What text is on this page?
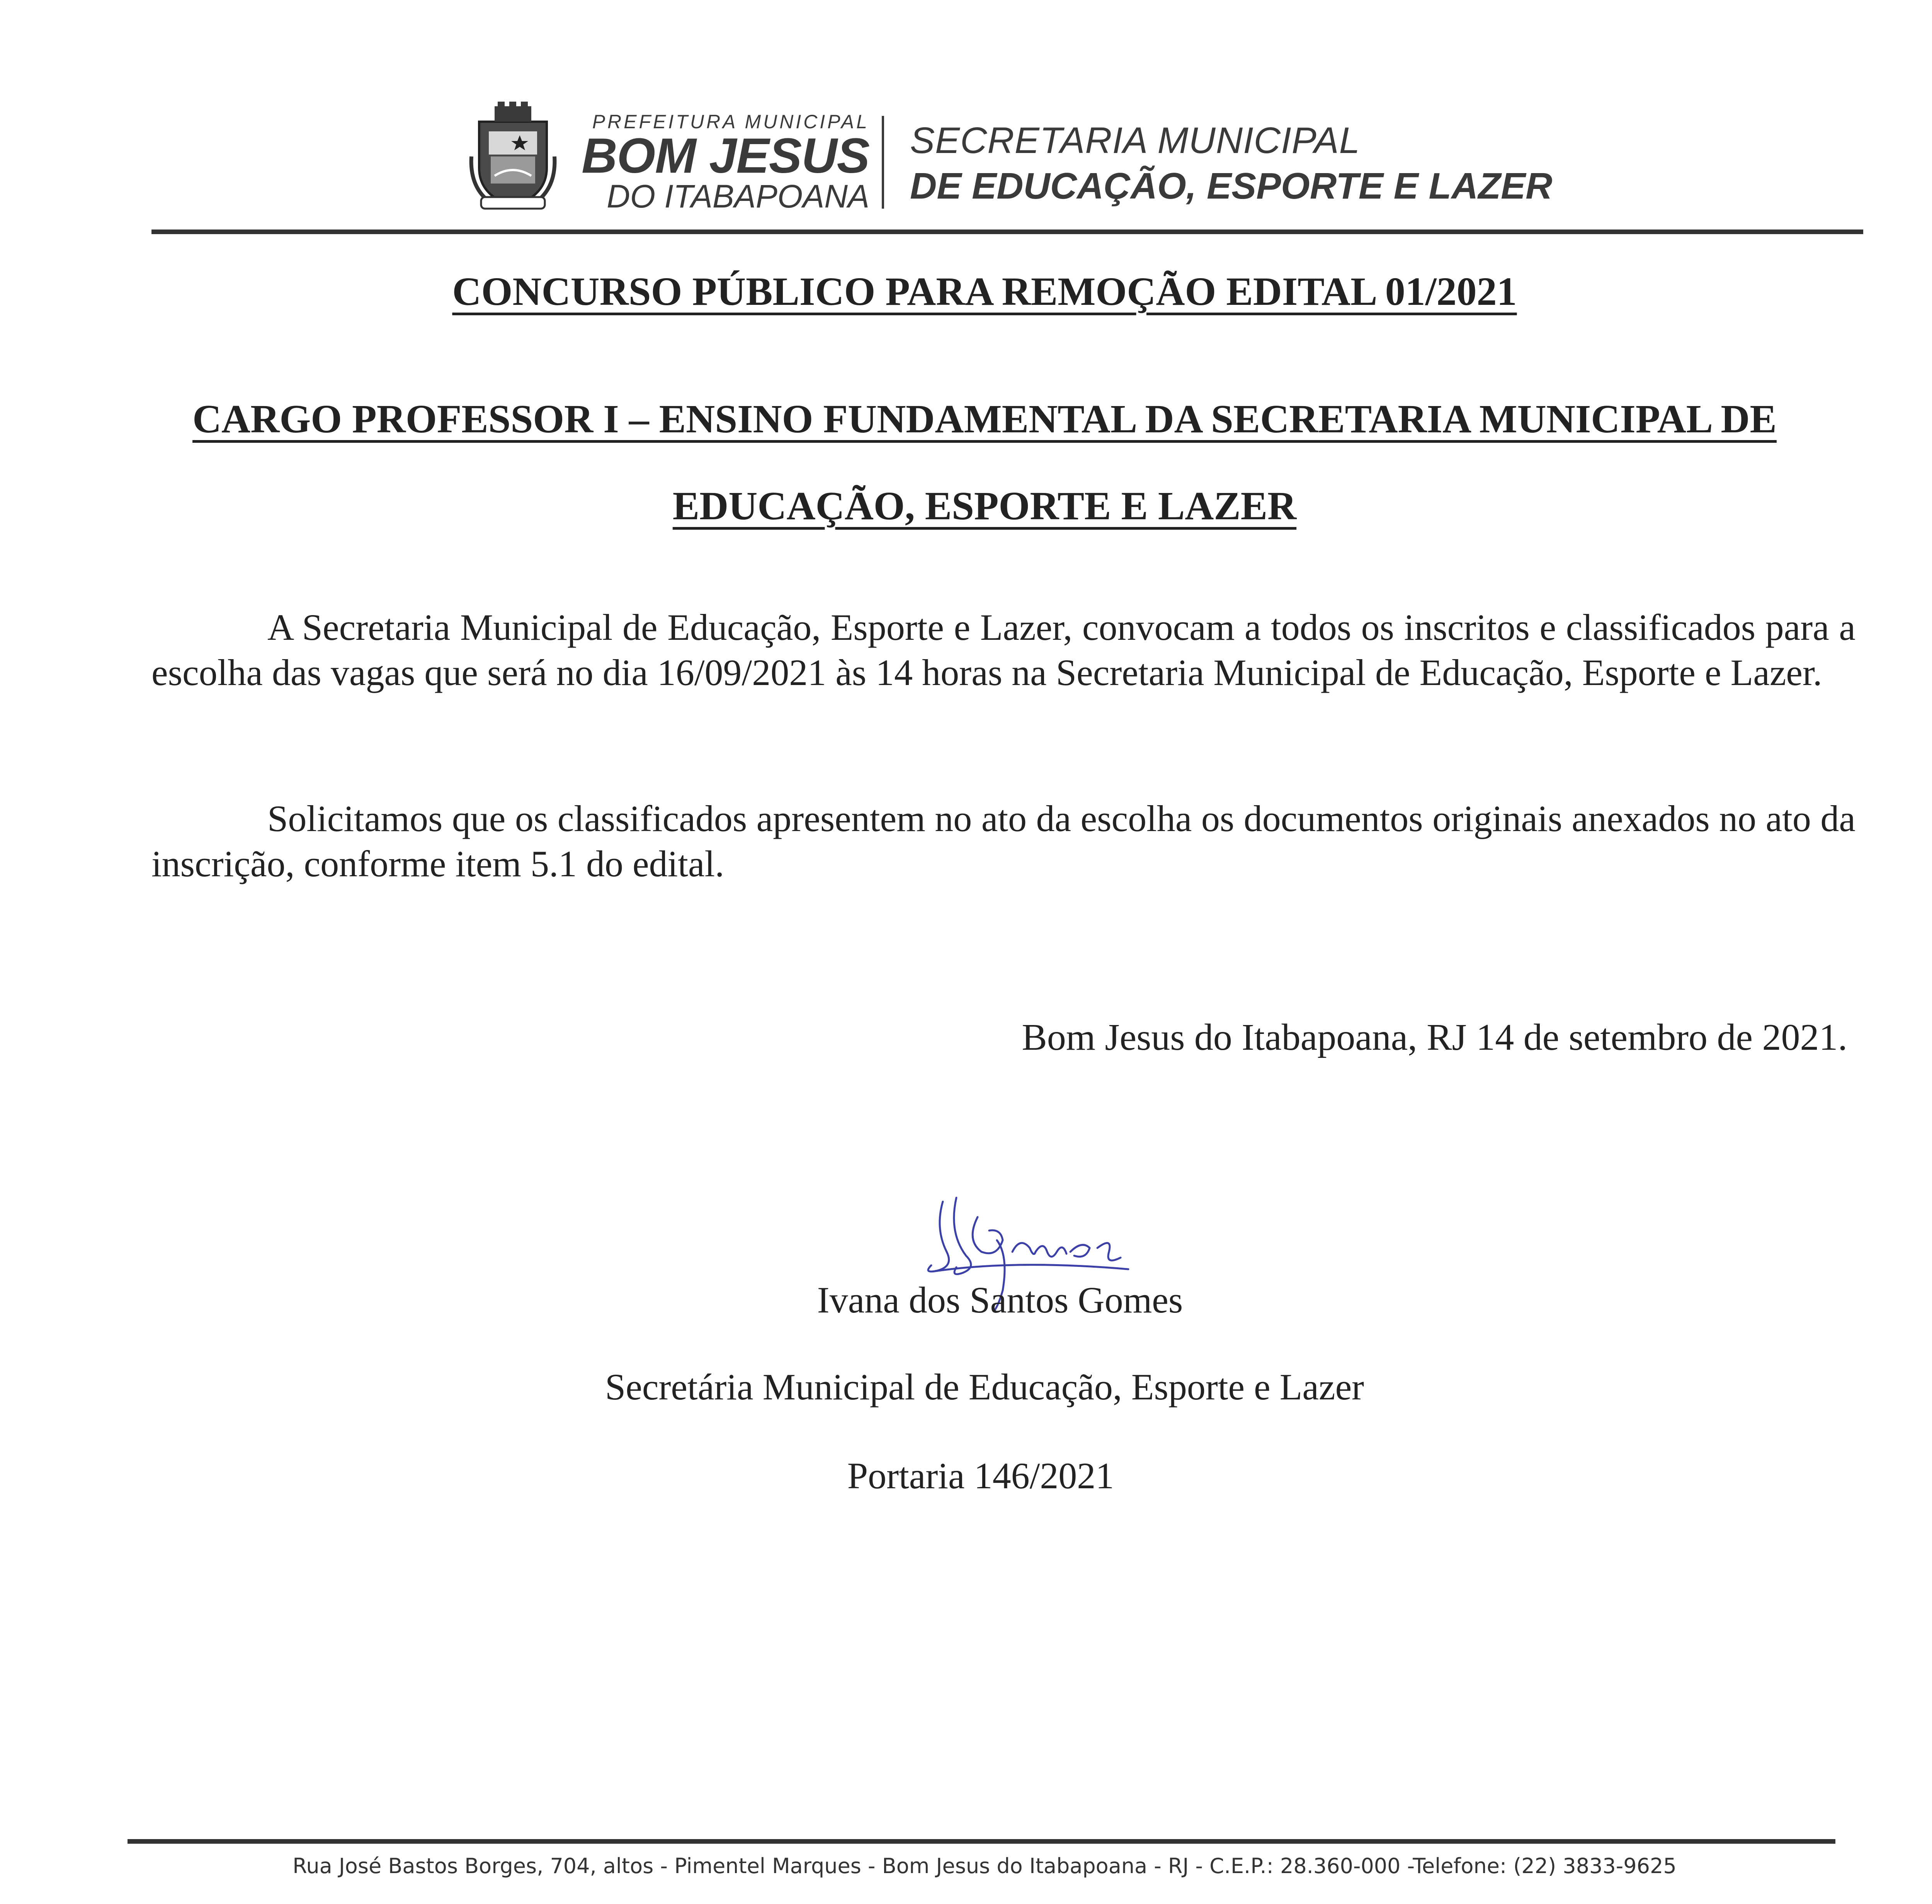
PREFEITURA MUNICIPAL
BOM JESUS
DO ITABAPOANA
SECRETARIA MUNICIPAL
DE EDUCAÇÃO, ESPORTE E LAZER
CONCURSO PÚBLICO PARA REMOÇÃO EDITAL 01/2021
CARGO PROFESSOR I – ENSINO FUNDAMENTAL DA SECRETARIA MUNICIPAL DE
EDUCAÇÃO, ESPORTE E LAZER

A Secretaria Municipal de Educação, Esporte e Lazer, convocam a todos os inscritos e classificados para a escolha das vagas que será no dia 16/09/2021 às 14 horas na Secretaria Municipal de Educação, Esporte e Lazer.

Solicitamos que os classificados apresentem no ato da escolha os documentos originais anexados no ato da inscrição, conforme item 5.1 do edital.

Bom Jesus do Itabapoana, RJ 14 de setembro de 2021.
Ivana dos Santos Gomes
Secretária Municipal de Educação, Esporte e Lazer
Portaria 146/2021
Rua José Bastos Borges, 704, altos - Pimentel Marques - Bom Jesus do Itabapoana - RJ - C.E.P.: 28.360-000 -Telefone: (22) 3833-9625
